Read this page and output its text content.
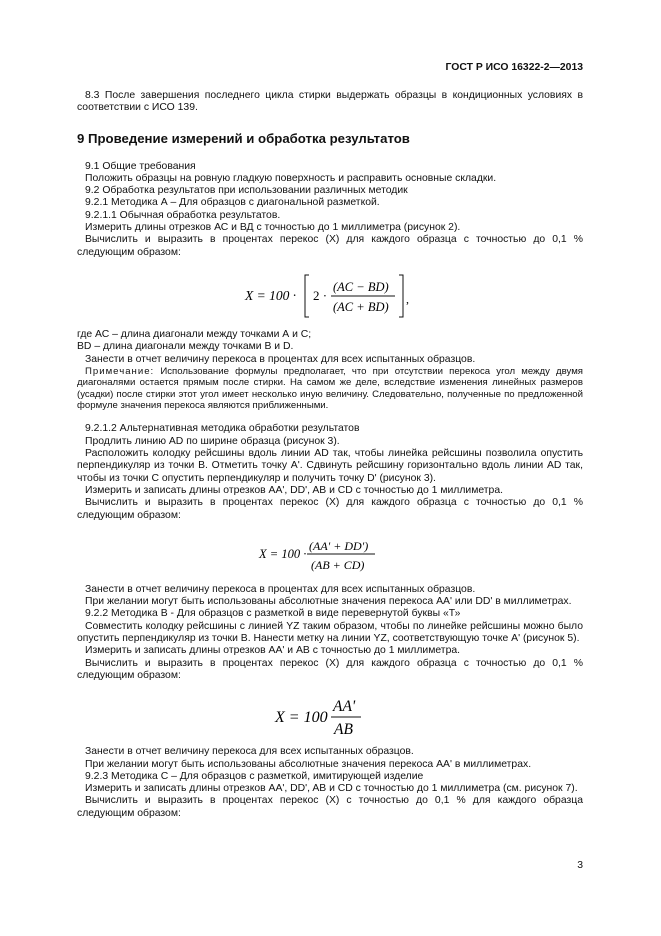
ГОСТ Р ИСО 16322-2—2013

8.3 После завершения последнего цикла стирки выдержать образцы в кондиционных условиях в соответствии с ИСО 139.

9 Проведение измерений и обработка результатов

9.1 Общие требования

Положить образцы на ровную гладкую поверхность и расправить основные складки.

9.2 Обработка результатов при использовании различных методик

9.2.1 Методика А – Для образцов с диагональной разметкой.

9.2.1.1 Обычная обработка результатов.

Измерить длины отрезков АС и ВД с точностью до 1 миллиметра (рисунок 2).

Вычислить и выразить в процентах перекос (X) для каждого образца с точностью до 0,1 % следующим образом:

X = 100 · 2 ·
(AC − BD)
(AC + BD)
,

где АС – длина диагонали между точками А и С;

BD – длина диагонали между точками В и D.

Занести в отчет величину перекоса в процентах для всех испытанных образцов.

Примечание: Использование формулы предполагает, что при отсутствии перекоса угол между двумя диагоналями остается прямым после стирки. На самом же деле, вследствие изменения линейных размеров (усадки) после стирки этот угол имеет несколько иную величину. Следовательно, полученные по предложенной формуле значения перекоса являются приближенными.

9.2.1.2 Альтернативная методика обработки результатов

Продлить линию AD по ширине образца (рисунок 3).

Расположить колодку рейсшины вдоль линии AD так, чтобы линейка рейсшины позволила опустить перпендикуляр из точки В. Отметить точку А'. Сдвинуть рейсшину горизонтально вдоль линии AD так, чтобы из точки С опустить перпендикуляр и получить точку D' (рисунок 3).

Измерить и записать длины отрезков АА', DD', AB и CD с точностью до 1 миллиметра.

Вычислить и выразить в процентах перекос (X) для каждого образца с точностью до 0,1 % следующим образом:

X = 100 ·
(AA' + DD')
(AB + CD)

Занести в отчет величину перекоса в процентах для всех испытанных образцов.

При желании могут быть использованы абсолютные значения перекоса АА' или DD' в миллиметрах.

9.2.2 Методика В - Для образцов с разметкой в виде перевернутой буквы «Т»

Совместить колодку рейсшины с линией YZ таким образом, чтобы по линейке рейсшины можно было опустить перпендикуляр из точки В. Нанести метку на линии YZ, соответствующую точке А' (рисунок 5).

Измерить и записать длины отрезков АА' и АВ с точностью до 1 миллиметра.

Вычислить и выразить в процентах перекос (X) для каждого образца с точностью до 0,1 % следующим образом:

X = 100
AA'
AB

Занести в отчет величину перекоса для всех испытанных образцов.

При желании могут быть использованы абсолютные значения перекоса АА' в миллиметрах.

9.2.3 Методика С – Для образцов с разметкой, имитирующей изделие

Измерить и записать длины отрезков АА', DD', AB и CD с точностью до 1 миллиметра (см. рисунок 7).

Вычислить и выразить в процентах перекос (X) с точностью до 0,1 % для каждого образца следующим образом:

3
